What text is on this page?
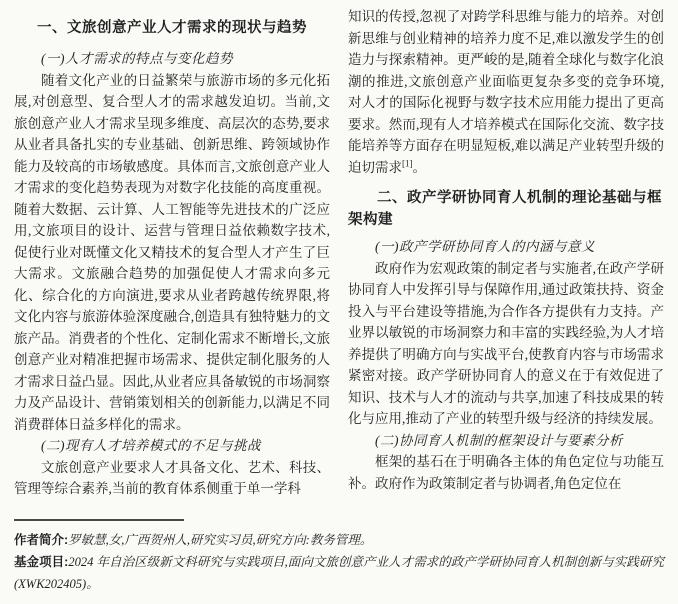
一、文旅创意产业人才需求的现状与趋势

(一)人才需求的特点与变化趋势

随着文化产业的日益繁荣与旅游市场的多元化拓展,对创意型、复合型人才的需求越发迫切。当前,文旅创意产业人才需求呈现多维度、高层次的态势,要求从业者具备扎实的专业基础、创新思维、跨领域协作能力及较高的市场敏感度。具体而言,文旅创意产业人才需求的变化趋势表现为对数字化技能的高度重视。随着大数据、云计算、人工智能等先进技术的广泛应用,文旅项目的设计、运营与管理日益依赖数字技术,促使行业对既懂文化又精技术的复合型人才产生了巨大需求。文旅融合趋势的加强促使人才需求向多元化、综合化的方向演进,要求从业者跨越传统界限,将文化内容与旅游体验深度融合,创造具有独特魅力的文旅产品。消费者的个性化、定制化需求不断增长,文旅创意产业对精准把握市场需求、提供定制化服务的人才需求日益凸显。因此,从业者应具备敏锐的市场洞察力及产品设计、营销策划相关的创新能力,以满足不同消费群体日益多样化的需求。

(二)现有人才培养模式的不足与挑战

文旅创意产业要求人才具备文化、艺术、科技、管理等综合素养,当前的教育体系侧重于单一学科

知识的传授,忽视了对跨学科思维与能力的培养。对创新思维与创业精神的培养力度不足,难以激发学生的创造力与探索精神。更严峻的是,随着全球化与数字化浪潮的推进,文旅创意产业面临更复杂多变的竞争环境,对人才的国际化视野与数字技术应用能力提出了更高要求。然而,现有人才培养模式在国际化交流、数字技能培养等方面存在明显短板,难以满足产业转型升级的迫切需求[1]。

二、政产学研协同育人机制的理论基础与框架构建

(一)政产学研协同育人的内涵与意义

政府作为宏观政策的制定者与实施者,在政产学研协同育人中发挥引导与保障作用,通过政策扶持、资金投入与平台建设等措施,为合作各方提供有力支持。产业界以敏锐的市场洞察力和丰富的实践经验,为人才培养提供了明确方向与实战平台,使教育内容与市场需求紧密对接。政产学研协同育人的意义在于有效促进了知识、技术与人才的流动与共享,加速了科技成果的转化与应用,推动了产业的转型升级与经济的持续发展。

(二)协同育人机制的框架设计与要素分析

框架的基石在于明确各主体的角色定位与功能互补。政府作为政策制定者与协调者,角色定位在

作者简介:罗敏慧,女,广西贺州人,研究实习员,研究方向:教务管理。

基金项目:2024 年自治区级新文科研究与实践项目,面向文旅创意产业人才需求的政产学研协同育人机制创新与实践研究(XWK202405)。
